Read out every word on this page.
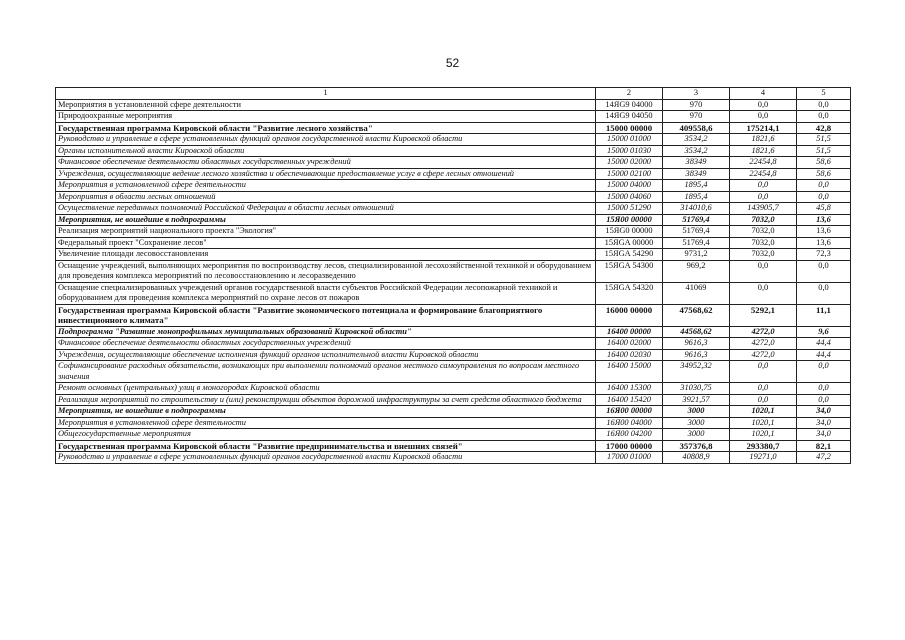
52
1	2	3	4	5
Мероприятия в установленной сфере деятельности	14ЯG9 04000	970	0,0	0,0
Природоохранные мероприятия	14ЯG9 04050	970	0,0	0,0
Государственная программа Кировской области "Развитие лесного хозяйства"	15000 00000	409558,6	175214,1	42,8
Руководство и управление в сфере установленных функций органов государственной власти Кировской области	15000 01000	3534,2	1821,6	51,5
Органы исполнительной власти Кировской области	15000 01030	3534,2	1821,6	51,5
Финансовое обеспечение деятельности областных государственных учреждений	15000 02000	38349	22454,8	58,6
Учреждения, осуществляющие ведение лесного хозяйства и обеспечивающие предоставление услуг в сфере лесных отношений	15000 02100	38349	22454,8	58,6
Мероприятия в установленной сфере деятельности	15000 04000	1895,4	0,0	0,0
Мероприятия в области лесных отношений	15000 04060	1895,4	0,0	0,0
Осуществление переданных полномочий Российской Федерации в области лесных отношений	15000 51290	314010,6	143905,7	45,8
Мероприятия, не вошедшие в подпрограммы	15Я00 00000	51769,4	7032,0	13,6
Реализация мероприятий национального проекта "Экология"	15ЯG0 00000	51769,4	7032,0	13,6
Федеральный проект "Сохранение лесов"	15ЯGA 00000	51769,4	7032,0	13,6
Увеличение площади лесовосстановления	15ЯGA 54290	9731,2	7032,0	72,3
Оснащение учреждений, выполняющих мероприятия по воспроизводству лесов, специализированной лесохозяйственной техникой и оборудованием для проведения комплекса мероприятий по лесовосстановлению и лесоразведению	15ЯGA 54300	969,2	0,0	0,0
Оснащение специализированных учреждений органов государственной власти субъектов Российской Федерации лесопожарной техникой и оборудованием для проведения комплекса мероприятий по охране лесов от пожаров	15ЯGA 54320	41069	0,0	0,0
Государственная программа Кировской области "Развитие экономического потенциала и формирование благоприятного инвестиционного климата"	16000 00000	47568,62	5292,1	11,1
Подпрограмма "Развитие монопрофильных муниципальных образований Кировской области"	16400 00000	44568,62	4272,0	9,6
Финансовое обеспечение деятельности областных государственных учреждений	16400 02000	9616,3	4272,0	44,4
Учреждения, осуществляющие обеспечение исполнения функций органов исполнительной власти Кировской области	16400 02030	9616,3	4272,0	44,4
Софинансирование расходных обязательств, возникающих при выполнении полномочий органов местного самоуправления по вопросам местного значения	16400 15000	34952,32	0,0	0,0
Ремонт основных (центральных) улиц в моногородах Кировской области	16400 15300	31030,75	0,0	0,0
Реализация мероприятий по строительству и (или) реконструкции объектов дорожной инфраструктуры за счет средств областного бюджета	16400 15420	3921,57	0,0	0,0
Мероприятия, не вошедшие в подпрограммы	16Я00 00000	3000	1020,1	34,0
Мероприятия в установленной сфере деятельности	16Я00 04000	3000	1020,1	34,0
Общегосударственные мероприятия	16Я00 04200	3000	1020,1	34,0
Государственная программа Кировской области "Развитие предпринимательства и внешних связей"	17000 00000	357376,8	293380,7	82,1
Руководство и управление в сфере установленных функций органов государственной власти Кировской области	17000 01000	40808,9	19271,0	47,2
